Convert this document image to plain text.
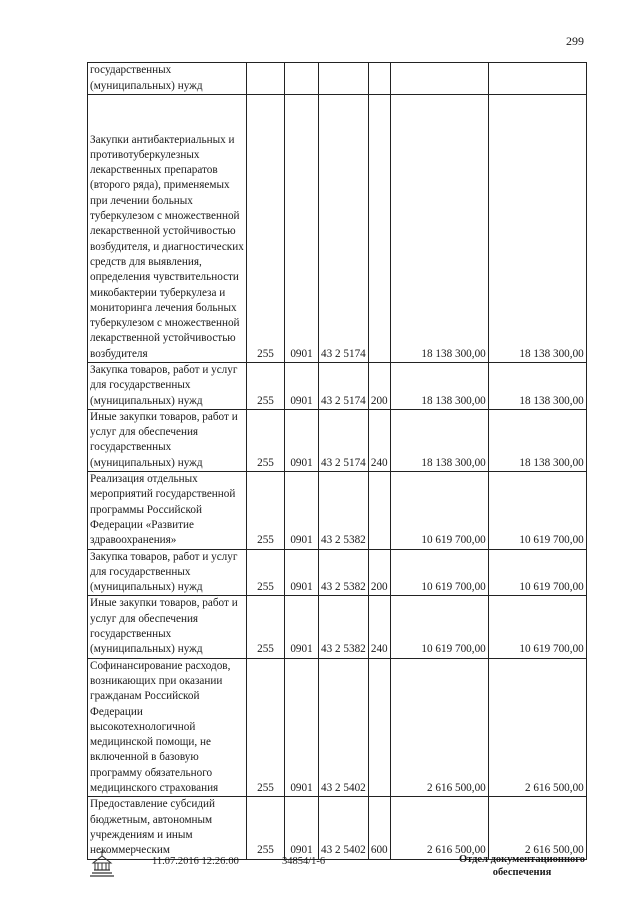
299
государственных (муниципальных) нужд						
Закупки антибактериальных и противотуберкулезных лекарственных препаратов (второго ряда), применяемых при лечении больных туберкулезом с множественной лекарственной устойчивостью возбудителя, и диагностических средств для выявления, определения чувствительности микобактерии туберкулеза и мониторинга лечения больных туберкулезом с множественной лекарственной устойчивостью возбудителя	255	0901	43 2 5174		18 138 300,00	18 138 300,00
Закупка товаров, работ и услуг для государственных (муниципальных) нужд	255	0901	43 2 5174	200	18 138 300,00	18 138 300,00
Иные закупки товаров, работ и услуг для обеспечения государственных (муниципальных) нужд	255	0901	43 2 5174	240	18 138 300,00	18 138 300,00
Реализация отдельных мероприятий государственной программы Российской Федерации «Развитие здравоохранения»	255	0901	43 2 5382		10 619 700,00	10 619 700,00
Закупка товаров, работ и услуг для государственных (муниципальных) нужд	255	0901	43 2 5382	200	10 619 700,00	10 619 700,00
Иные закупки товаров, работ и услуг для обеспечения государственных (муниципальных) нужд	255	0901	43 2 5382	240	10 619 700,00	10 619 700,00
Софинансирование расходов, возникающих при оказании гражданам Российской Федерации высокотехнологичной медицинской помощи, не включенной в базовую программу обязательного медицинского страхования	255	0901	43 2 5402		2 616 500,00	2 616 500,00
Предоставление субсидий бюджетным, автономным учреждениям и иным некоммерческим	255	0901	43 2 5402	600	2 616 500,00	2 616 500,00
11.07.2016 12:26:00	34854/1-6	Отдел документационного
обеспечения
